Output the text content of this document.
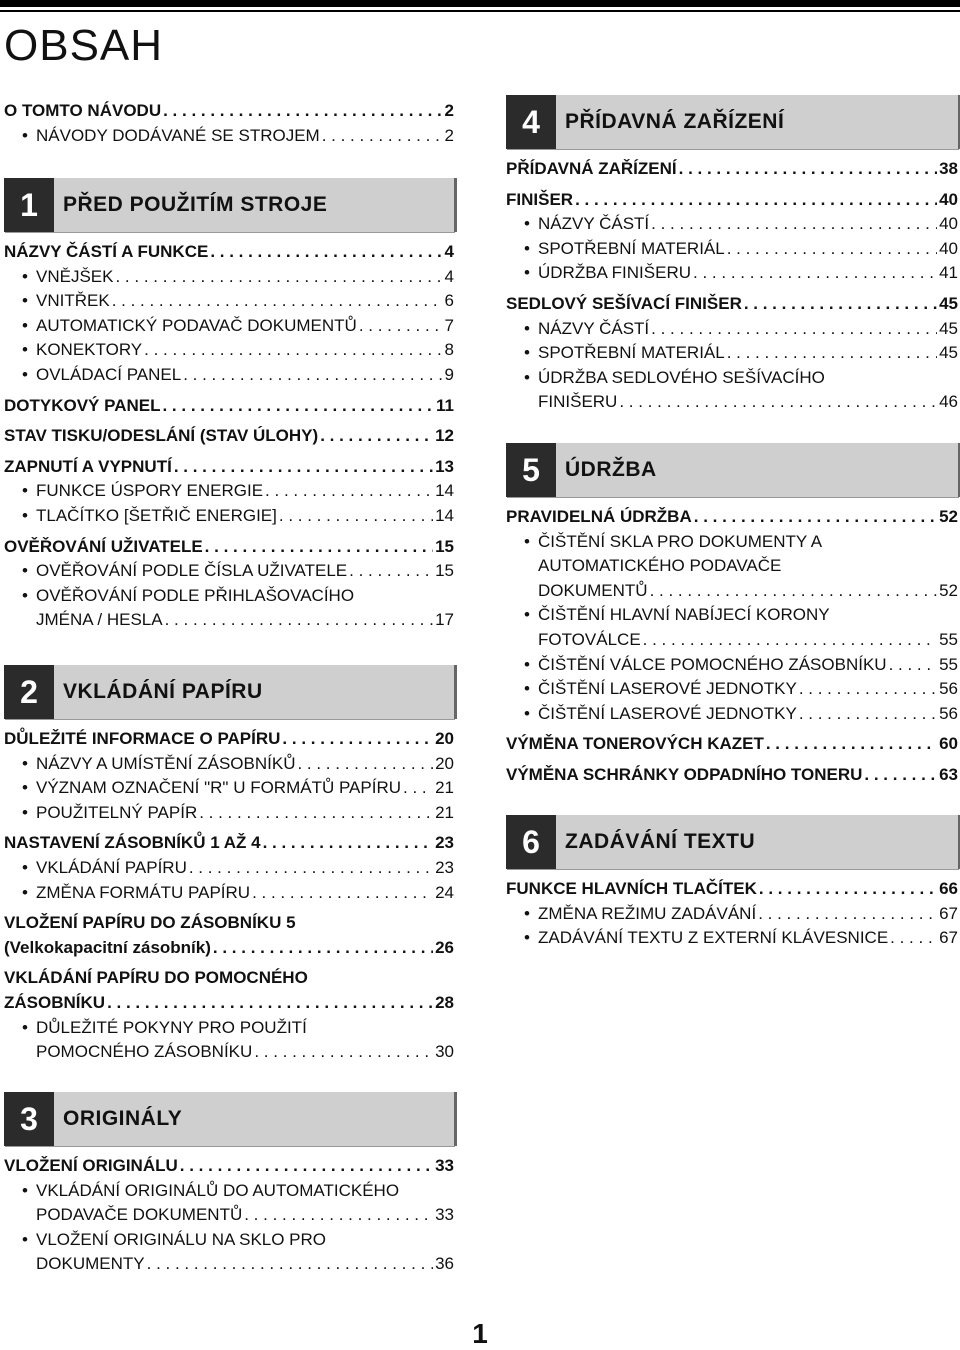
OBSAH
O TOMTO NÁVODU . . .	2
• NÁVODY DODÁVANÉ SE STROJEM . . .	2
1	PŘED POUŽITÍM STROJE
NÁZVY ČÁSTÍ A FUNKCE . . .	4
• VNĚJŠEK . . .	4
• VNITŘEK . . .	6
• AUTOMATICKÝ PODAVAČ DOKUMENTŮ . . .	7
• KONEKTORY . . .	8
• OVLÁDACÍ PANEL . . .	9
DOTYKOVÝ PANEL . . .	11
STAV TISKU/ODESLÁNÍ (STAV ÚLOHY) . . .	12
ZAPNUTÍ A VYPNUTÍ . . .	13
• FUNKCE ÚSPORY ENERGIE . . .	14
• TLAČÍTKO [ŠETŘIČ ENERGIE] . . .	14
OVĚŘOVÁNÍ UŽIVATELE . . .	15
• OVĚŘOVÁNÍ PODLE ČÍSLA UŽIVATELE . . .	15
• OVĚŘOVÁNÍ PODLE PŘIHLAŠOVACÍHO
JMÉNA / HESLA . . .	17
2	VKLÁDÁNÍ PAPÍRU
DŮLEŽITÉ INFORMACE O PAPÍRU . . .	20
• NÁZVY A UMÍSTĚNÍ ZÁSOBNÍKŮ . . .	20
• VÝZNAM OZNAČENÍ "R" U FORMÁTŮ PAPÍRU . . . 21
• POUŽITELNÝ PAPÍR . . .	21
NASTAVENÍ ZÁSOBNÍKŮ 1 AŽ 4 . . .	23
• VKLÁDÁNÍ PAPÍRU . . .	23
• ZMĚNA FORMÁTU PAPÍRU . . .	24
VLOŽENÍ PAPÍRU DO ZÁSOBNÍKU 5
(Velkokapacitní zásobník) . . .	26
VKLÁDÁNÍ PAPÍRU DO POMOCNÉHO
ZÁSOBNÍKU . . .	28
• DŮLEŽITÉ POKYNY PRO POUŽITÍ
POMOCNÉHO ZÁSOBNÍKU . . .	30
3	ORIGINÁLY
VLOŽENÍ ORIGINÁLU . . .	33
• VKLÁDÁNÍ ORIGINÁLŮ DO AUTOMATICKÉHO
PODAVAČE DOKUMENTŮ . . .	33
• VLOŽENÍ ORIGINÁLU NA SKLO PRO
DOKUMENTY . . .	36
4	PŘÍDAVNÁ ZAŘÍZENÍ
PŘÍDAVNÁ ZAŘÍZENÍ . . .	38
FINIŠER . . .	40
• NÁZVY ČÁSTÍ . . .	40
• SPOTŘEBNÍ MATERIÁL . . .	40
• ÚDRŽBA FINIŠERU . . .	41
SEDLOVÝ SEŠÍVACÍ FINIŠER . . .	45
• NÁZVY ČÁSTÍ . . .	45
• SPOTŘEBNÍ MATERIÁL . . .	45
• ÚDRŽBA SEDLOVÉHO SEŠÍVACÍHO
FINIŠERU . . .	46
5	ÚDRŽBA
PRAVIDELNÁ ÚDRŽBA . . .	52
• ČIŠTĚNÍ SKLA PRO DOKUMENTY A
AUTOMATICKÉHO PODAVAČE
DOKUMENTŮ . . .	52
• ČIŠTĚNÍ HLAVNÍ NABÍJECÍ KORONY
FOTOVÁLCE . . .	55
• ČIŠTĚNÍ VÁLCE POMOCNÉHO ZÁSOBNÍKU . . .	55
• ČIŠTĚNÍ LASEROVÉ JEDNOTKY . . .	56
• ČIŠTĚNÍ LASEROVÉ JEDNOTKY . . .	56
VÝMĚNA TONEROVÝCH KAZET . . .	60
VÝMĚNA SCHRÁNKY ODPADNÍHO TONERU . . .	63
6	ZADÁVÁNÍ TEXTU
FUNKCE HLAVNÍCH TLAČÍTEK . . .	66
• ZMĚNA REŽIMU ZADÁVÁNÍ . . .	67
• ZADÁVÁNÍ TEXTU Z EXTERNÍ KLÁVESNICE . . .	67
1
